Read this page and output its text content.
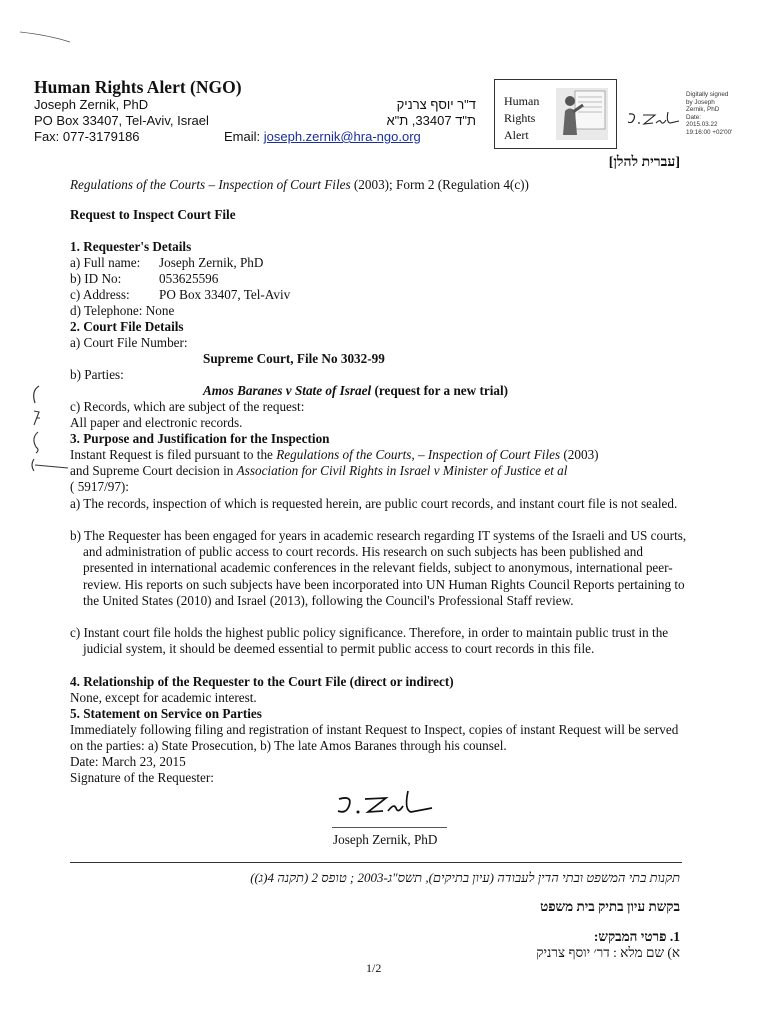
Human Rights Alert (NGO)
Joseph Zernik, PhD
PO Box 33407, Tel-Aviv, Israel
Fax: 077-3179186	Email: joseph.zernik@hra-ngo.org
ד"ר יוסף צרניק
ת"ד 33407, ת"א
Human
Rights
Alert
Digitally signed
by Joseph
Zernik, PhD
Date:
2015.03.22
19:16:00 +02'00'
[עברית להלן]
Regulations of the Courts – Inspection of Court Files (2003); Form 2 (Regulation 4(c))
Request to Inspect Court File
1. Requester's Details
a) Full name: Joseph Zernik, PhD
b) ID No:	053625596
c) Address: PO Box 33407, Tel-Aviv
d) Telephone: None
2. Court File Details
a) Court File Number:
Supreme Court, File No 3032-99
b) Parties:
Amos Baranes v State of Israel (request for a new trial)
c) Records, which are subject of the request:
All paper and electronic records.
3. Purpose and Justification for the Inspection
Instant Request is filed pursuant to the Regulations of the Courts, – Inspection of Court Files (2003)
and Supreme Court decision in Association for Civil Rights in Israel v Minister of Justice et al
( 5917/97):
a) The records, inspection of which is requested herein, are public court records, and instant court file is not sealed.
b) The Requester has been engaged for years in academic research regarding IT systems of the Israeli and US courts, and administration of public access to court records. His research on such subjects has been published and presented in international academic conferences in the relevant fields, subject to anonymous, international peer-review. His reports on such subjects have been incorporated into UN Human Rights Council Reports pertaining to the United States (2010) and Israel (2013), following the Council's Professional Staff review.
c) Instant court file holds the highest public policy significance. Therefore, in order to maintain public trust in the judicial system, it should be deemed essential to permit public access to court records in this file.
4. Relationship of the Requester to the Court File (direct or indirect)
None, except for academic interest.
5. Statement on Service on Parties
Immediately following filing and registration of instant Request to Inspect, copies of instant Request will be served on the parties: a) State Prosecution, b) The late Amos Baranes through his counsel.
Date: March 23, 2015
Signature of the Requester:
Joseph Zernik, PhD
תקנות בתי המשפט ובתי הדין לעבודה (עיון בתיקים), תשס"ג-2003 ; טופס 2 (תקנה 4(ג))
בקשת עיון בתיק בית משפט
1. פרטי המבקש:
א) שם מלא : דר׳ יוסף צרניק
1/2
